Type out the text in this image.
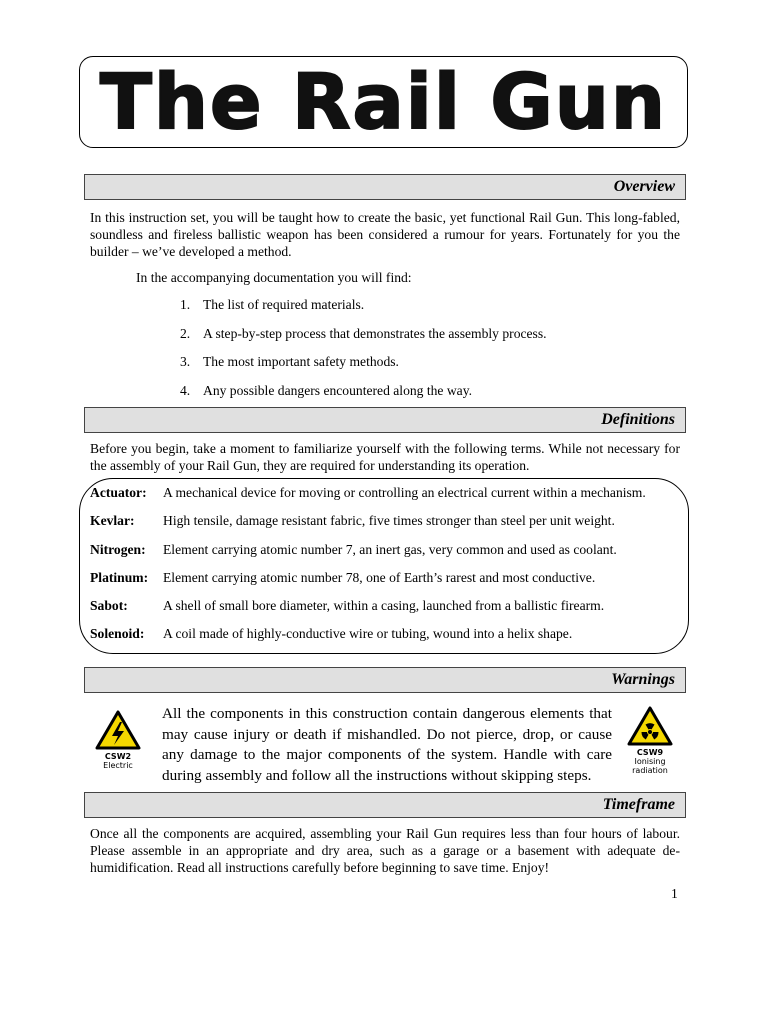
The Rail Gun
Overview
In this instruction set, you will be taught how to create the basic, yet functional Rail Gun. This long-fabled, soundless and fireless ballistic weapon has been considered a rumour for years. Fortunately for you the builder – we’ve developed a method.
In the accompanying documentation you will find:
1. The list of required materials.
2. A step-by-step process that demonstrates the assembly process.
3. The most important safety methods.
4. Any possible dangers encountered along the way.
Definitions
Before you begin, take a moment to familiarize yourself with the following terms. While not necessary for the assembly of your Rail Gun, they are required for understanding its operation.
Actuator: A mechanical device for moving or controlling an electrical current within a mechanism.
Kevlar: High tensile, damage resistant fabric, five times stronger than steel per unit weight.
Nitrogen: Element carrying atomic number 7, an inert gas, very common and used as coolant.
Platinum: Element carrying atomic number 78, one of Earth’s rarest and most conductive.
Sabot:	A shell of small bore diameter, within a casing, launched from a ballistic firearm.
Solenoid: A coil made of highly-conductive wire or tubing, wound into a helix shape.
Warnings
CSW2
Electric
All the components in this construction contain dangerous elements that may cause injury or death if mishandled. Do not pierce, drop, or cause any damage to the major components of the system. Handle with care during assembly and follow all the instructions without skipping steps.
CSW9
Ionising
radiation
Timeframe
Once all the components are acquired, assembling your Rail Gun requires less than four hours of labour. Please assemble in an appropriate and dry area, such as a garage or a basement with adequate de-humidification. Read all instructions carefully before beginning to save time. Enjoy!
1
